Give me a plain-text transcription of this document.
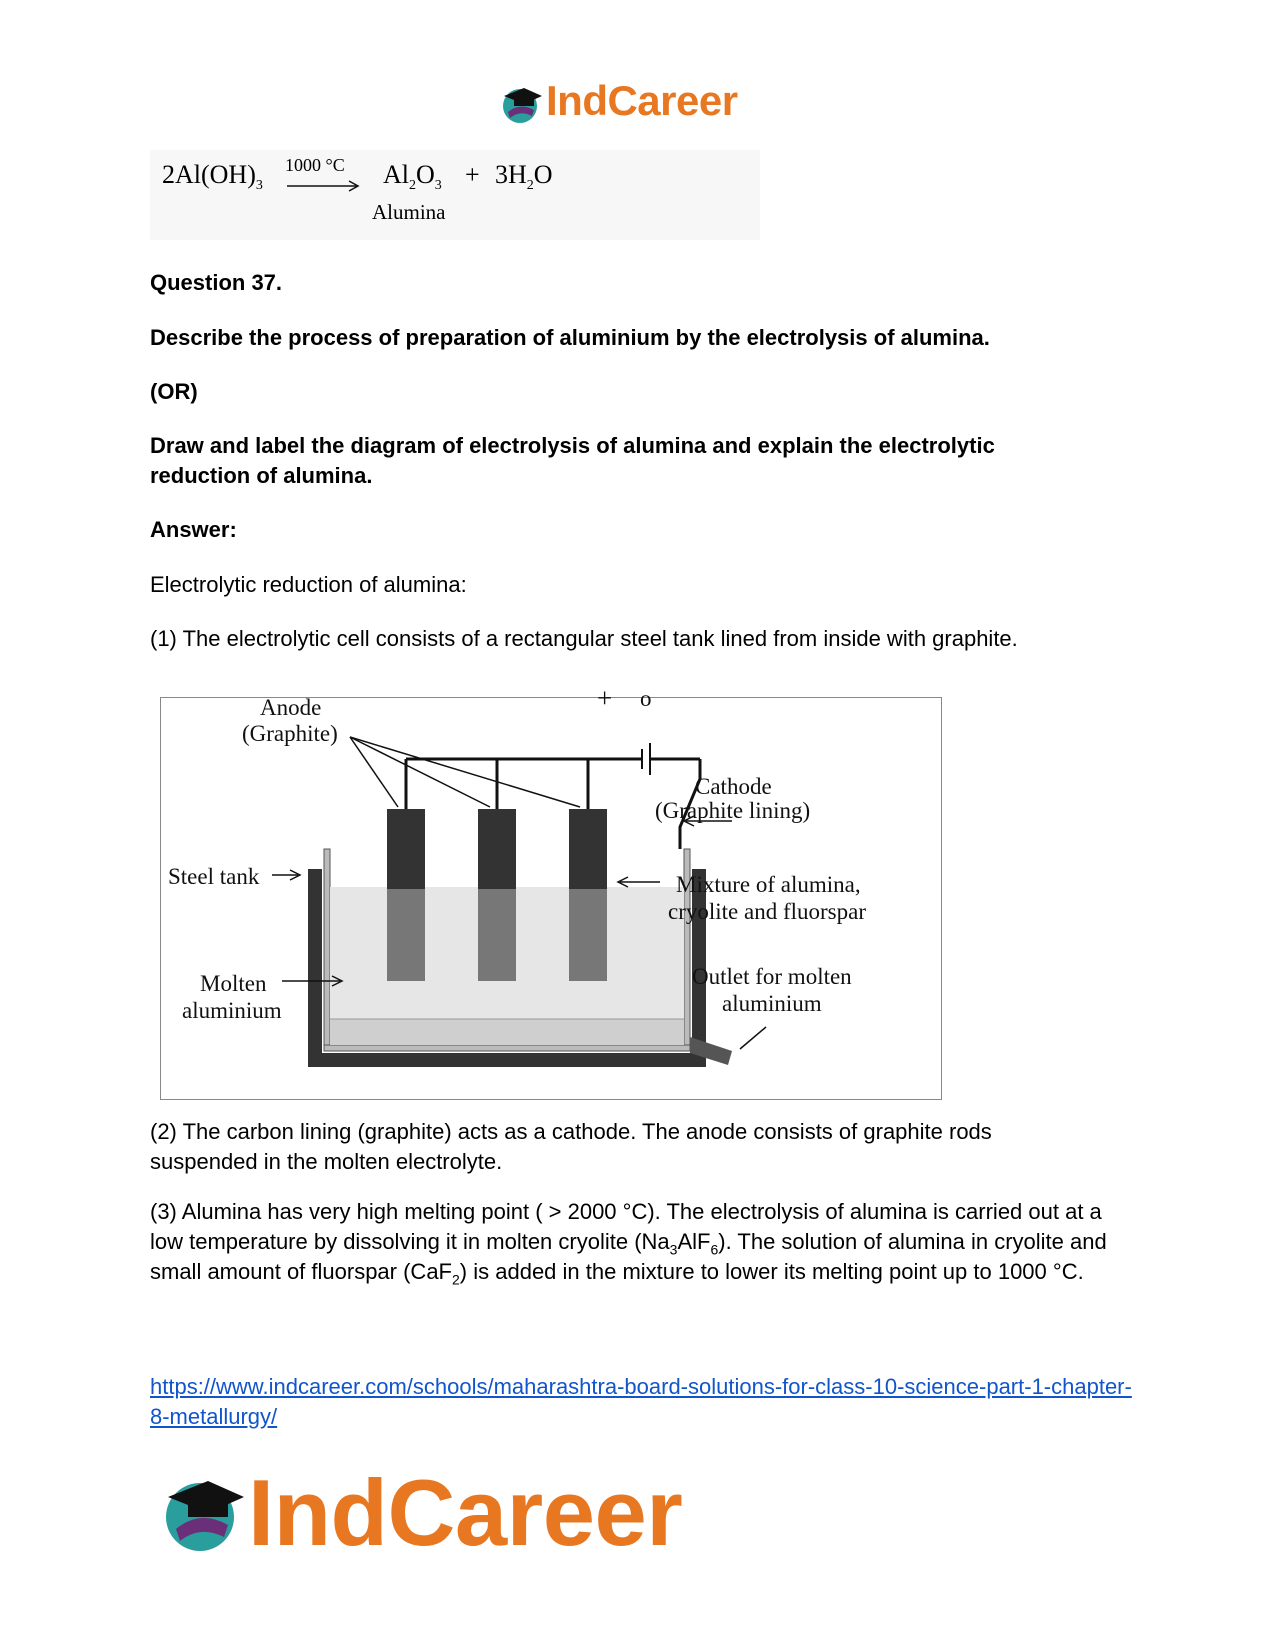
IndCareer
$2Al(OH)_3$
1000 °C $Al_2O_3 + 3H_2O$
Alumina
Question 37.
Describe the process of preparation of aluminium by the electrolysis of alumina.
(OR)
Draw and label the diagram of electrolysis of alumina and explain the electrolytic reduction of alumina.
Answer:
Electrolytic reduction of alumina:
(1) The electrolytic cell consists of a rectangular steel tank lined from inside with graphite.
Anode
(Graphite)
+ o
Cathode
(Graphite lining)
Steel tank	Mixture of alumina,
cryolite and fluorspar
Molten
aluminium
Outlet for molten
aluminium
(2) The carbon lining (graphite) acts as a cathode. The anode consists of graphite rods suspended in the molten electrolyte.
(3) Alumina has very high melting point ( > 2000 °C). The electrolysis of alumina is carried out at a low temperature by dissolving it in molten cryolite $(Na_3AlF_6)$. The solution of alumina in cryolite and small amount of fluorspar (CaF$_2$) is added in the mixture to lower its melting point up to 1000 °C.
https://www.indcareer.com/schools/maharashtra-board-solutions-for-class-10-science-part-1-chapter-8-metallurgy/
IndCareer
